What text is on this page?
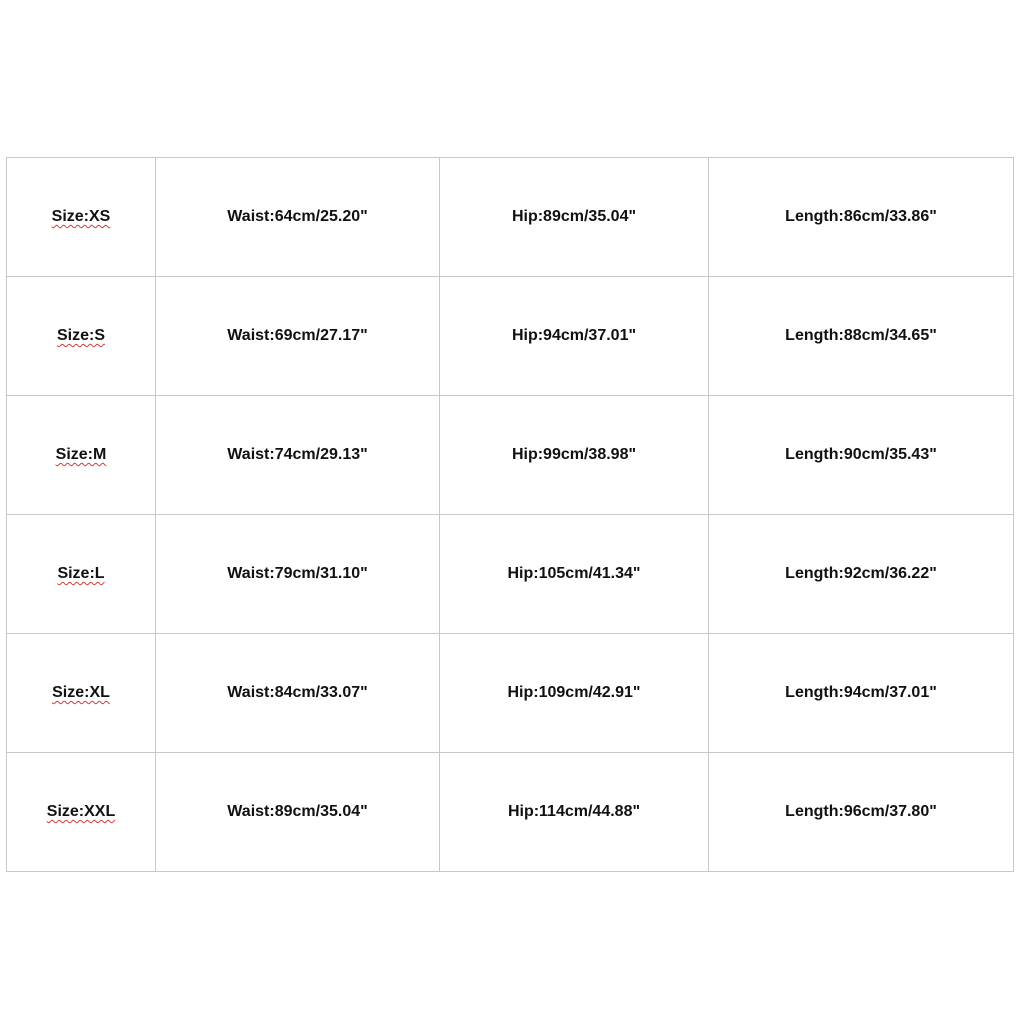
Size:XS	Waist:64cm/25.20"	Hip:89cm/35.04"	Length:86cm/33.86"
Size:S	Waist:69cm/27.17"	Hip:94cm/37.01"	Length:88cm/34.65"
Size:M	Waist:74cm/29.13"	Hip:99cm/38.98"	Length:90cm/35.43"
Size:L	Waist:79cm/31.10"	Hip:105cm/41.34"	Length:92cm/36.22"
Size:XL	Waist:84cm/33.07"	Hip:109cm/42.91"	Length:94cm/37.01"
Size:XXL	Waist:89cm/35.04"	Hip:114cm/44.88"	Length:96cm/37.80"
